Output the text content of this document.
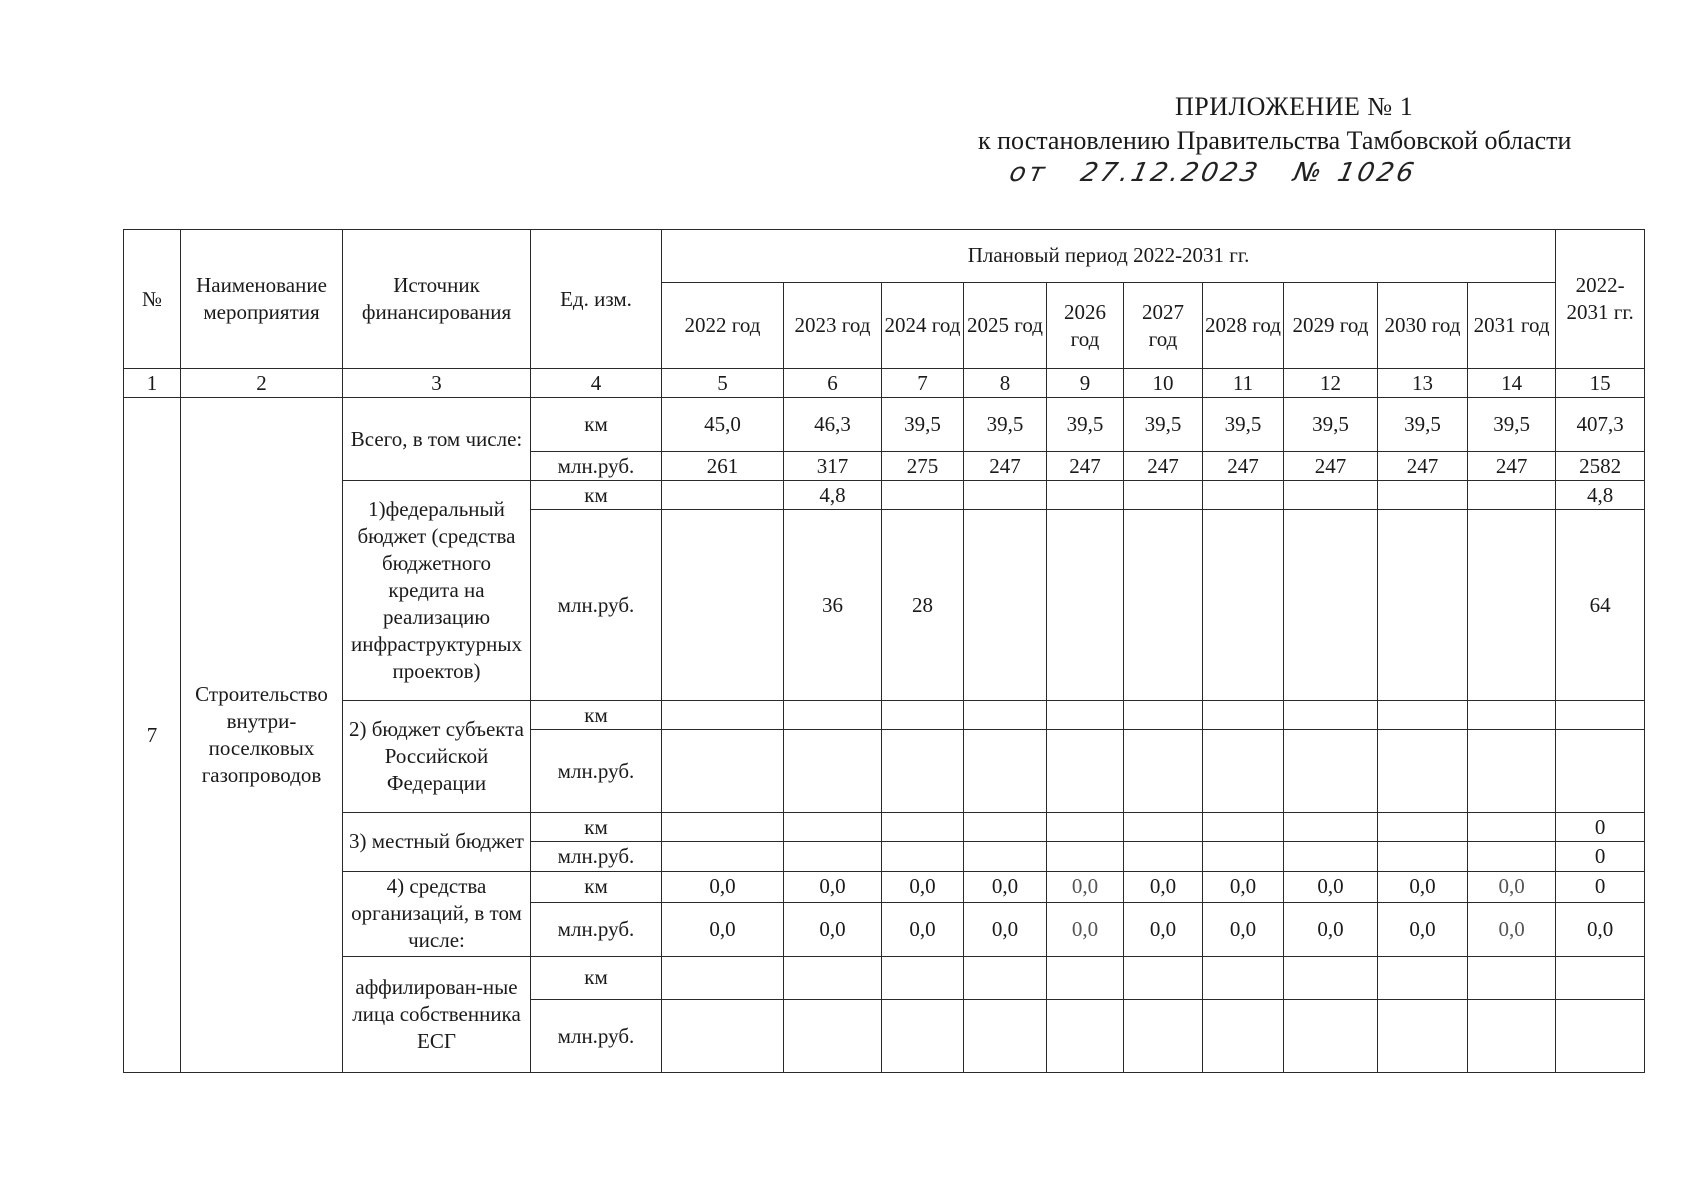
ПРИЛОЖЕНИЕ № 1
к постановлению Правительства Тамбовской области
от 27.12.2023 № 1026
№	Наименование мероприятия	Источник финансирования	Ед. изм.	Плановый период 2022-2031 гг.										2022-2031 гг.
				2022 год	2023 год	2024 год	2025 год	2026 год	2027 год	2028 год	2029 год	2030 год	2031 год	
1	2	3	4	5	6	7	8	9	10	11	12	13	14	15
7	Строительство внутри-поселковых газопроводов	Всего, в том числе:	км	45,0	46,3	39,5	39,5	39,5	39,5	39,5	39,5	39,5	39,5	407,3
			млн.руб.	261	317	275	247	247	247	247	247	247	247	2582
		1)федеральный бюджет (средства бюджетного кредита на реализацию инфраструктурных проектов)	км		4,8									4,8
			млн.руб.		36	28								64
		2) бюджет субъекта Российской Федерации	км											
			млн.руб.											
		3) местный бюджет	км											0
			млн.руб.											0
		4) средства организаций, в том числе:	км	0,0	0,0	0,0	0,0	0,0	0,0	0,0	0,0	0,0	0,0	0
			млн.руб.	0,0	0,0	0,0	0,0	0,0	0,0	0,0	0,0	0,0	0,0	0,0
		аффилирован-ные лица собственника ЕСГ	км											
			млн.руб.											
